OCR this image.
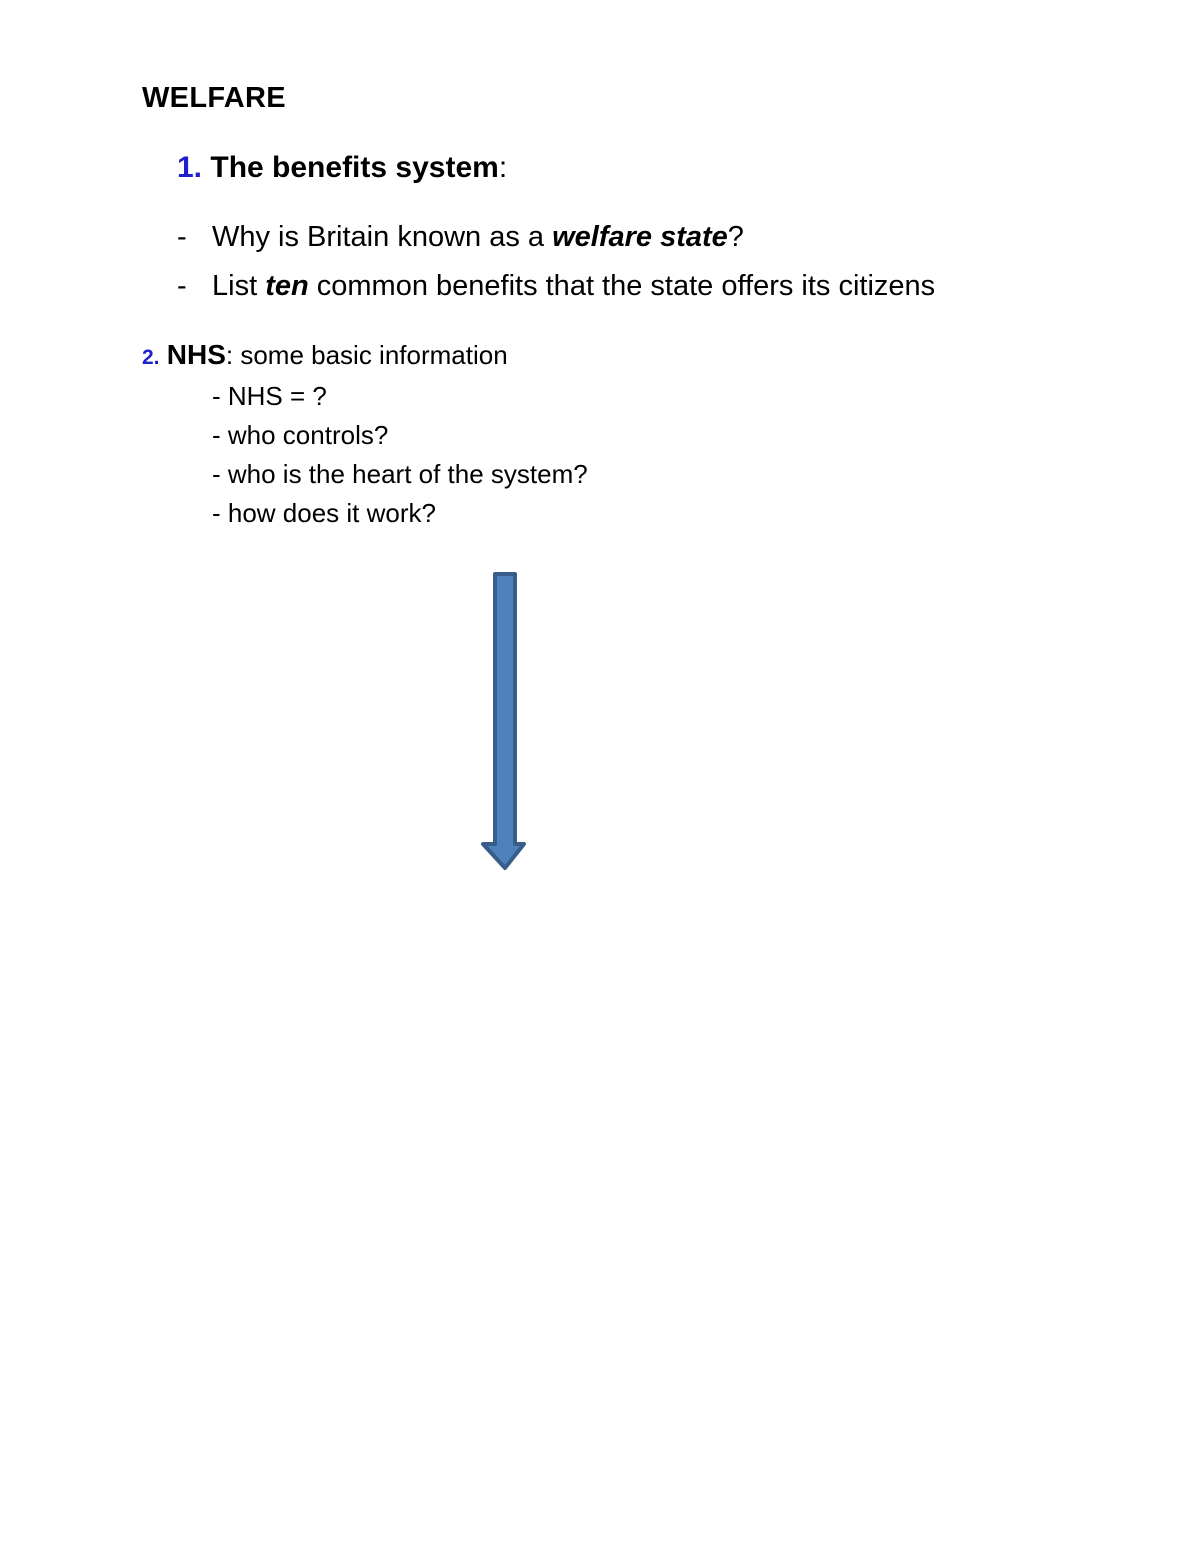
WELFARE
1. The benefits system:
- Why is Britain known as a welfare state?
- List ten common benefits that the state offers its citizens
2. NHS: some basic information
- NHS = ?
- who controls?
- who is the heart of the system?
- how does it work?
